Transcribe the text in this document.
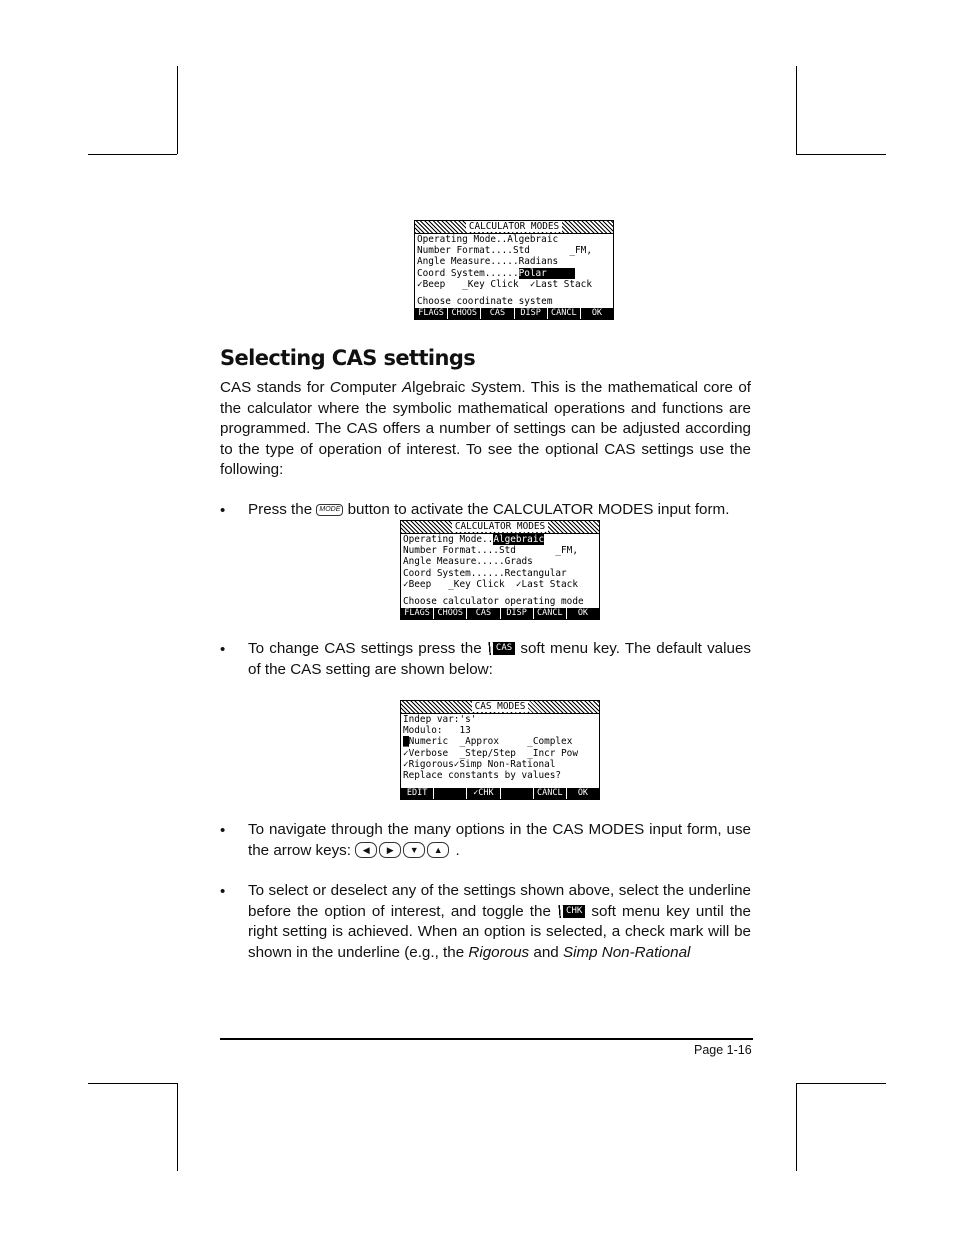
CALCULATOR MODES
Operating Mode..Algebraic
Number Format....Std       _FM,
Angle Measure.....Radians
Coord System......Polar
✓Beep   _Key Click  ✓Last Stack
Choose coordinate system
FLAGS CHOOS	CAS	DISP	CANCL	OK
Selecting CAS settings

CAS stands for Computer Algebraic System. This is the mathematical core of the calculator where the symbolic mathematical operations and functions are programmed. The CAS offers a number of settings can be adjusted according to the type of operation of interest. To see the optional CAS settings use the following:

• Press the MODE button to activate the CALCULATOR MODES input form.

CALCULATOR MODES
Operating Mode..Algebraic
Number Format....Std       _FM,
Angle Measure.....Grads
Coord System......Rectangular
✓Beep   _Key Click  ✓Last Stack
Choose calculator operating mode
FLAGS CHOOS	CAS	DISP	CANCL	OK
• To change CAS settings press the CAS soft menu key. The default values of the CAS setting are shown below:

CAS MODES
Indep var:'s'
Modulo:   13
_Numeric  _Approx     _Complex
✓Verbose  _Step/Step  _Incr Pow
✓Rigorous✓Simp Non-Rational
Replace constants by values?
EDIT	✓CHK	CANCL	OK
• To navigate through the many options in the CAS MODES input form, use the arrow keys: ◀ ▶ ▼ ▲ .

• To select or deselect any of the settings shown above, select the underline before the option of interest, and toggle the CHK soft menu key until the right setting is achieved. When an option is selected, a check mark will be shown in the underline (e.g., the Rigorous and Simp Non-Rational

Page 1-16
